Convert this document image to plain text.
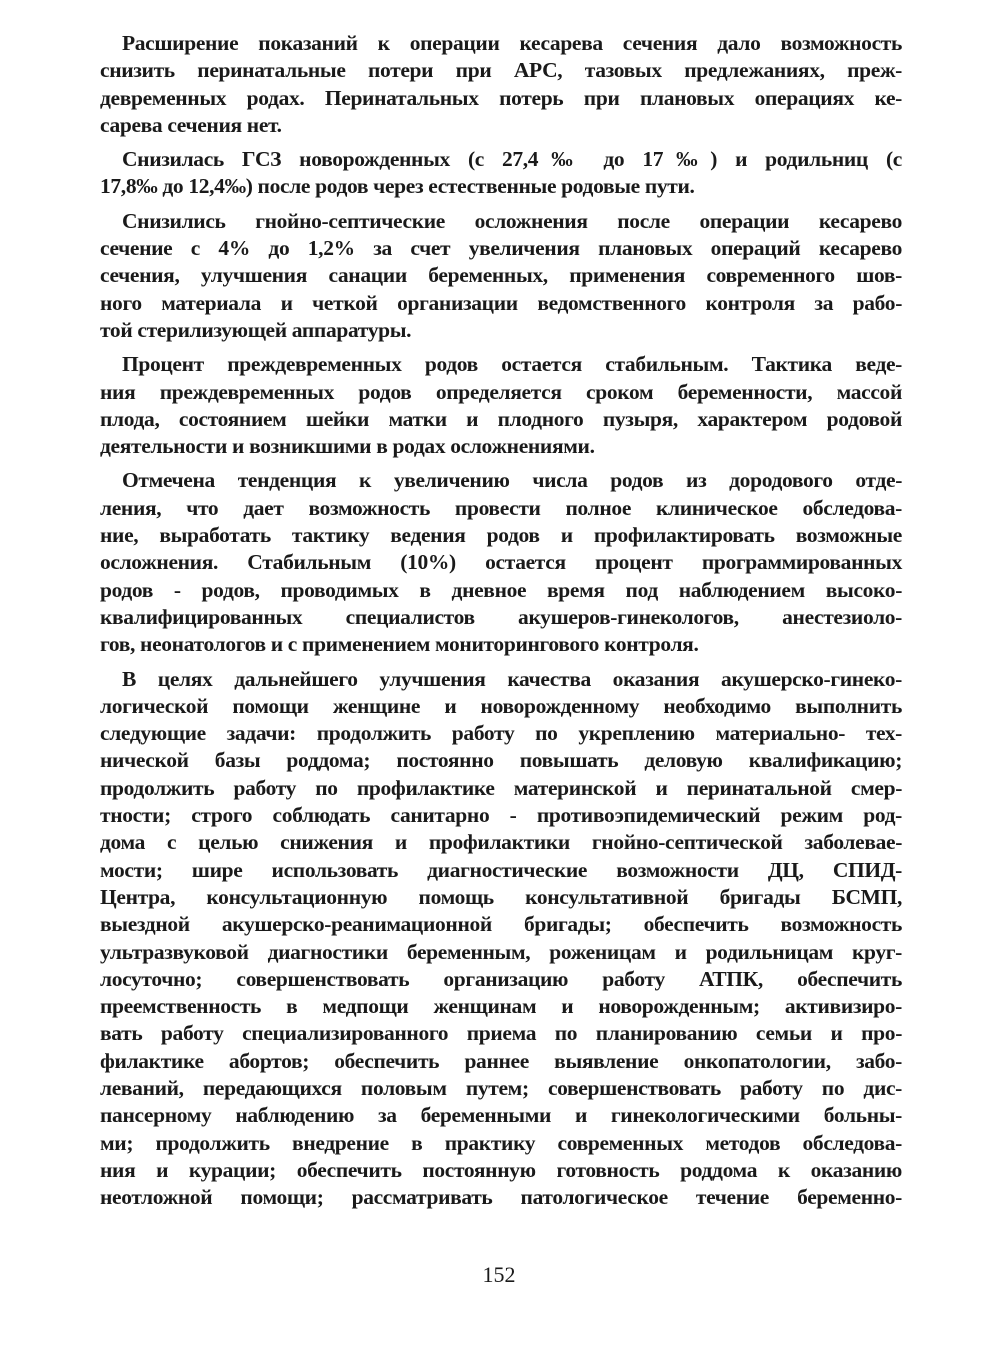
Расширение показаний к операции кесарева сечения дало возможность
снизить перинатальные потери при АРС, тазовых предлежаниях, преж-
девременных родах. Перинатальных потерь при плановых операциях ке-
сарева сечения нет.
Снизилась ГСЗ новорожденных (с 27,4‰ до 17‰) и родильниц (с
17,8‰ до 12,4‰) после родов через естественные родовые пути.
Снизились гнойно-септические осложнения после операции кесарево
сечение с 4% до 1,2% за счет увеличения плановых операций кесарево
сечения, улучшения санации беременных, применения современного шов-
ного материала и четкой организации ведомственного контроля за рабо-
той стерилизующей аппаратуры.
Процент преждевременных родов остается стабильным. Тактика веде-
ния преждевременных родов определяется сроком беременности, массой
плода, состоянием шейки матки и плодного пузыря, характером родовой
деятельности и возникшими в родах осложнениями.
Отмечена тенденция к увеличению числа родов из дородового отде-
ления, что дает возможность провести полное клиническое обследова-
ние, выработать тактику ведения родов и профилактировать возможные
осложнения. Стабильным (10%) остается процент программированных
родов - родов, проводимых в дневное время под наблюдением высоко-
квалифицированных специалистов акушеров-гинекологов, анестезиоло-
гов, неонатологов и с применением мониторингового контроля.
В целях дальнейшего улучшения качества оказания акушерско-гинеко-
логической помощи женщине и новорожденному необходимо выполнить
следующие задачи: продолжить работу по укреплению материально- тех-
нической базы роддома; постоянно повышать деловую квалификацию;
продолжить работу по профилактике материнской и перинатальной смер-
тности; строго соблюдать санитарно - противоэпидемический режим род-
дома с целью снижения и профилактики гнойно-септической заболевае-
мости; шире использовать диагностические возможности ДЦ, СПИД-
Центра, консультационную помощь консультативной бригады БСМП,
выездной акушерско-реанимационной бригады; обеспечить возможность
ультразвуковой диагностики беременным, роженицам и родильницам круг-
лосуточно; совершенствовать организацию работу АТПК, обеспечить
преемственность в медпощи женщинам и новорожденным; активизиро-
вать работу специализированного приема по планированию семьи и про-
филактике абортов; обеспечить раннее выявление онкопатологии, забо-
леваний, передающихся половым путем; совершенствовать работу по дис-
пансерному наблюдению за беременными и гинекологическими больны-
ми; продолжить внедрение в практику современных методов обследова-
ния и курации; обеспечить постоянную готовность роддома к оказанию
неотложной помощи; рассматривать патологическое течение беременно-
152
